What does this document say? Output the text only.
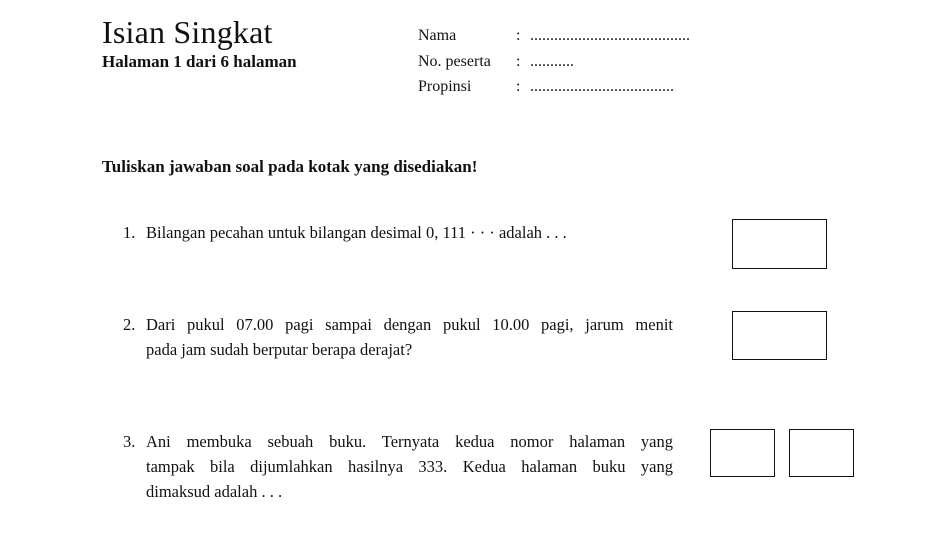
Isian Singkat
Halaman 1 dari 6 halaman
Nama	: ........................................
No. peserta : ...........
Propinsi	: ....................................
Tuliskan jawaban soal pada kotak yang disediakan!
1. Bilangan pecahan untuk bilangan desimal 0, 111 · · · adalah . . .
2. Dari pukul 07.00 pagi sampai dengan pukul 10.00 pagi, jarum menit
pada jam sudah berputar berapa derajat?
3. Ani membuka sebuah buku. Ternyata kedua nomor halaman yang
tampak bila dijumlahkan hasilnya 333. Kedua halaman buku yang
dimaksud adalah . . .
